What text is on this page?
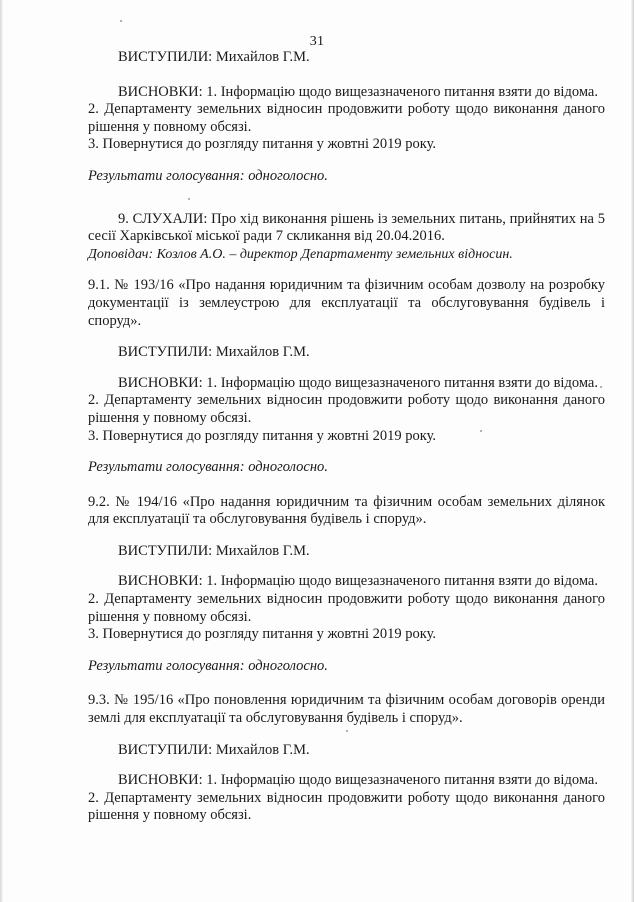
31

ВИСТУПИЛИ: Михайлов Г.М.

ВИСНОВКИ: 1. Інформацію щодо вищезазначеного питання взяти до відома.

2. Департаменту земельних відносин продовжити роботу щодо виконання даного рішення у повному обсязі.

3. Повернутися до розгляду питання у жовтні 2019 року.

Результати голосування: одноголосно.

9. СЛУХАЛИ: Про хід виконання рішень із земельних питань, прийнятих на 5 сесії Харківської міської ради 7 скликання від 20.04.2016.

Доповідач: Козлов А.О. – директор Департаменту земельних відносин.

9.1. № 193/16 «Про надання юридичним та фізичним особам дозволу на розробку документації із землеустрою для експлуатації та обслуговування будівель і споруд».

ВИСТУПИЛИ: Михайлов Г.М.

ВИСНОВКИ: 1. Інформацію щодо вищезазначеного питання взяти до відома.

2. Департаменту земельних відносин продовжити роботу щодо виконання даного рішення у повному обсязі.

3. Повернутися до розгляду питання у жовтні 2019 року.

Результати голосування: одноголосно.

9.2. № 194/16 «Про надання юридичним та фізичним особам земельних ділянок для експлуатації та обслуговування будівель і споруд».

ВИСТУПИЛИ: Михайлов Г.М.

ВИСНОВКИ: 1. Інформацію щодо вищезазначеного питання взяти до відома.

2. Департаменту земельних відносин продовжити роботу щодо виконання даного рішення у повному обсязі.

3. Повернутися до розгляду питання у жовтні 2019 року.

Результати голосування: одноголосно.

9.3. № 195/16 «Про поновлення юридичним та фізичним особам договорів оренди землі для експлуатації та обслуговування будівель і споруд».

ВИСТУПИЛИ: Михайлов Г.М.

ВИСНОВКИ: 1. Інформацію щодо вищезазначеного питання взяти до відома.

2. Департаменту земельних відносин продовжити роботу щодо виконання даного рішення у повному обсязі.
